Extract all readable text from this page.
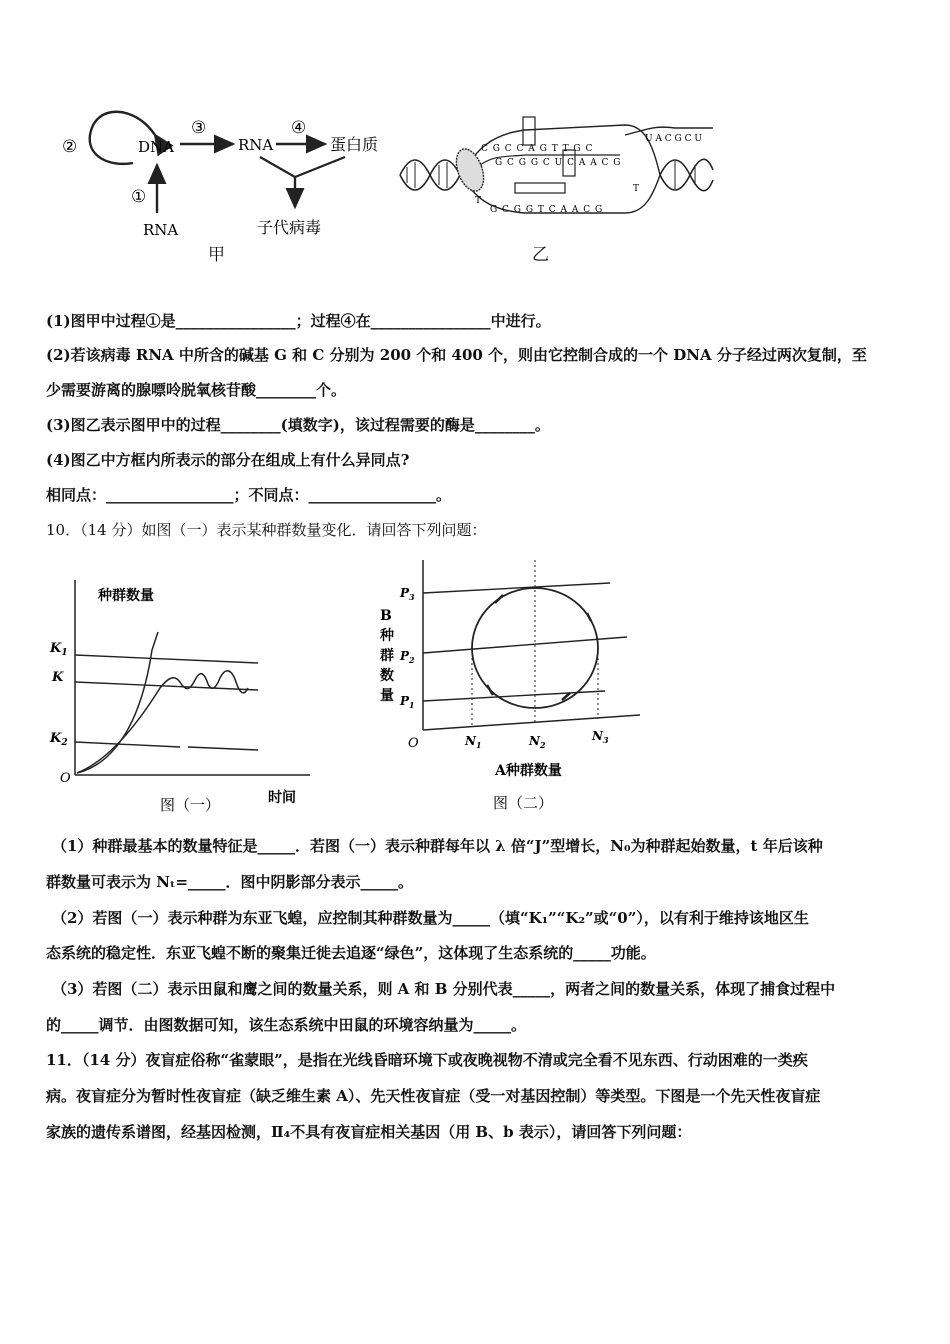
②	DNA
③
RNA
④
蛋白质
子代病毒
①
RNA
甲
C G C C A G T T G C
G C G G C U C A A C G
G C G G T C A A C G
U A C G C U
T
T
乙
(1)图甲中过程①是________________；过程④在________________中进行。
(2)若该病毒 RNA 中所含的碱基 G 和 C 分别为 200 个和 400 个，则由它控制合成的一个 DNA 分子经过两次复制，至
少需要游离的腺嘌呤脱氧核苷酸________个。
(3)图乙表示图甲中的过程________(填数字)，该过程需要的酶是________。
(4)图乙中方框内所表示的部分在组成上有什么异同点?
相同点：_________________；不同点：_________________。
10．（14 分）如图（一）表示某种群数量变化．请回答下列问题：
种群数量
O
$K_1$
K
$K_2$
时间
图（一）
B
种
群
数
量
$P_3$
$P_2$
$P_1$
O	$N_1$	$N_2$
$N_3$
A种群数量
图（二）
（1）种群最基本的数量特征是_____．若图（一）表示种群每年以 λ 倍“J”型增长，N₀为种群起始数量，t 年后该种
群数量可表示为 Nₜ=_____．图中阴影部分表示_____。
（2）若图（一）表示种群为东亚飞蝗，应控制其种群数量为_____（填“K₁”“K₂”或“0”），以有利于维持该地区生
态系统的稳定性．东亚飞蝗不断的聚集迁徙去追逐“绿色”，这体现了生态系统的_____功能。
（3）若图（二）表示田鼠和鹰之间的数量关系，则 A 和 B 分别代表_____，两者之间的数量关系，体现了捕食过程中
的_____调节．由图数据可知，该生态系统中田鼠的环境容纳量为_____。
11．（14 分）夜盲症俗称“雀蒙眼”，是指在光线昏暗环境下或夜晚视物不清或完全看不见东西、行动困难的一类疾
病。夜盲症分为暂时性夜盲症（缺乏维生素 A）、先天性夜盲症（受一对基因控制）等类型。下图是一个先天性夜盲症
家族的遗传系谱图，经基因检测，Ⅱ₄不具有夜盲症相关基因（用 B、b 表示），请回答下列问题：
